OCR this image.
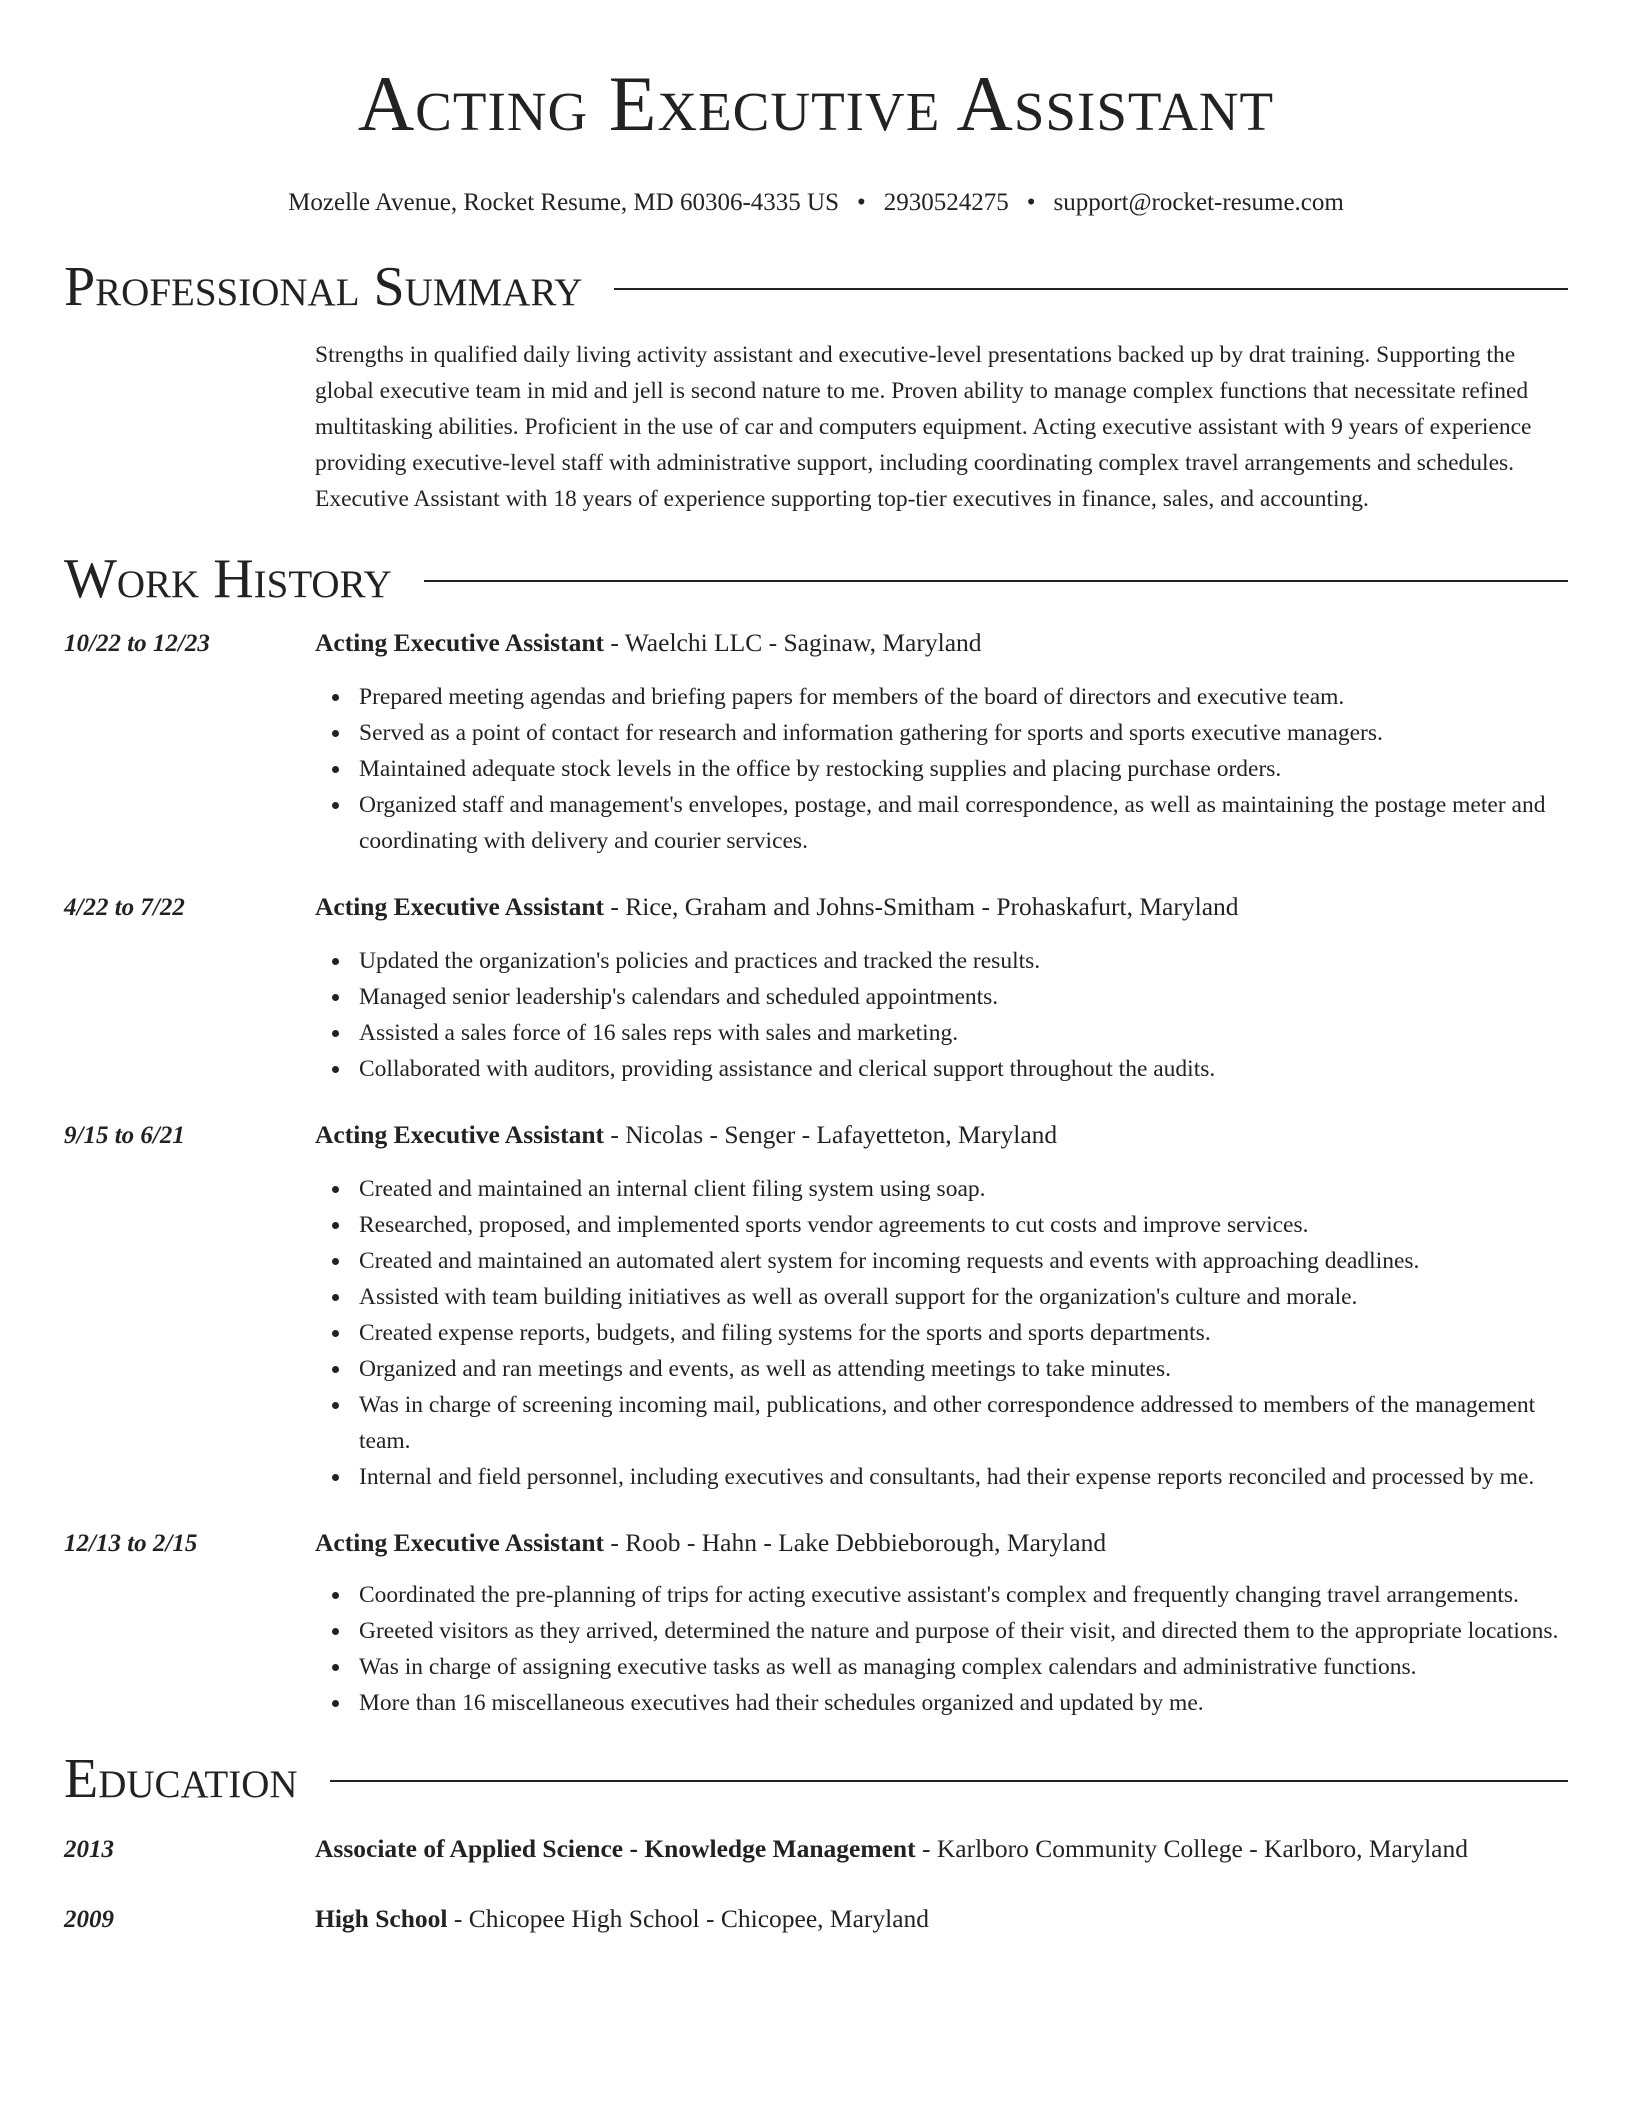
Acting Executive Assistant
Mozelle Avenue, Rocket Resume, MD 60306-4335 US • 2930524275 • support@rocket-resume.com
Professional Summary
Strengths in qualified daily living activity assistant and executive-level presentations backed up by drat training. Supporting the global executive team in mid and jell is second nature to me. Proven ability to manage complex functions that necessitate refined multitasking abilities. Proficient in the use of car and computers equipment. Acting executive assistant with 9 years of experience providing executive-level staff with administrative support, including coordinating complex travel arrangements and schedules. Executive Assistant with 18 years of experience supporting top-tier executives in finance, sales, and accounting.
Work History
10/22 to 12/23	Acting Executive Assistant - Waelchi LLC - Saginaw, Maryland
Prepared meeting agendas and briefing papers for members of the board of directors and executive team.
Served as a point of contact for research and information gathering for sports and sports executive managers.
Maintained adequate stock levels in the office by restocking supplies and placing purchase orders.
Organized staff and management's envelopes, postage, and mail correspondence, as well as maintaining the postage meter and coordinating with delivery and courier services.
4/22 to 7/22	Acting Executive Assistant - Rice, Graham and Johns-Smitham - Prohaskafurt, Maryland
Updated the organization's policies and practices and tracked the results.
Managed senior leadership's calendars and scheduled appointments.
Assisted a sales force of 16 sales reps with sales and marketing.
Collaborated with auditors, providing assistance and clerical support throughout the audits.
9/15 to 6/21	Acting Executive Assistant - Nicolas - Senger - Lafayetteton, Maryland
Created and maintained an internal client filing system using soap.
Researched, proposed, and implemented sports vendor agreements to cut costs and improve services.
Created and maintained an automated alert system for incoming requests and events with approaching deadlines.
Assisted with team building initiatives as well as overall support for the organization's culture and morale.
Created expense reports, budgets, and filing systems for the sports and sports departments.
Organized and ran meetings and events, as well as attending meetings to take minutes.
Was in charge of screening incoming mail, publications, and other correspondence addressed to members of the management team.
Internal and field personnel, including executives and consultants, had their expense reports reconciled and processed by me.
12/13 to 2/15	Acting Executive Assistant - Roob - Hahn - Lake Debbieborough, Maryland
Coordinated the pre-planning of trips for acting executive assistant's complex and frequently changing travel arrangements.
Greeted visitors as they arrived, determined the nature and purpose of their visit, and directed them to the appropriate locations.
Was in charge of assigning executive tasks as well as managing complex calendars and administrative functions.
More than 16 miscellaneous executives had their schedules organized and updated by me.
Education
2013	Associate of Applied Science - Knowledge Management - Karlboro Community College - Karlboro, Maryland
2009	High School - Chicopee High School - Chicopee, Maryland
